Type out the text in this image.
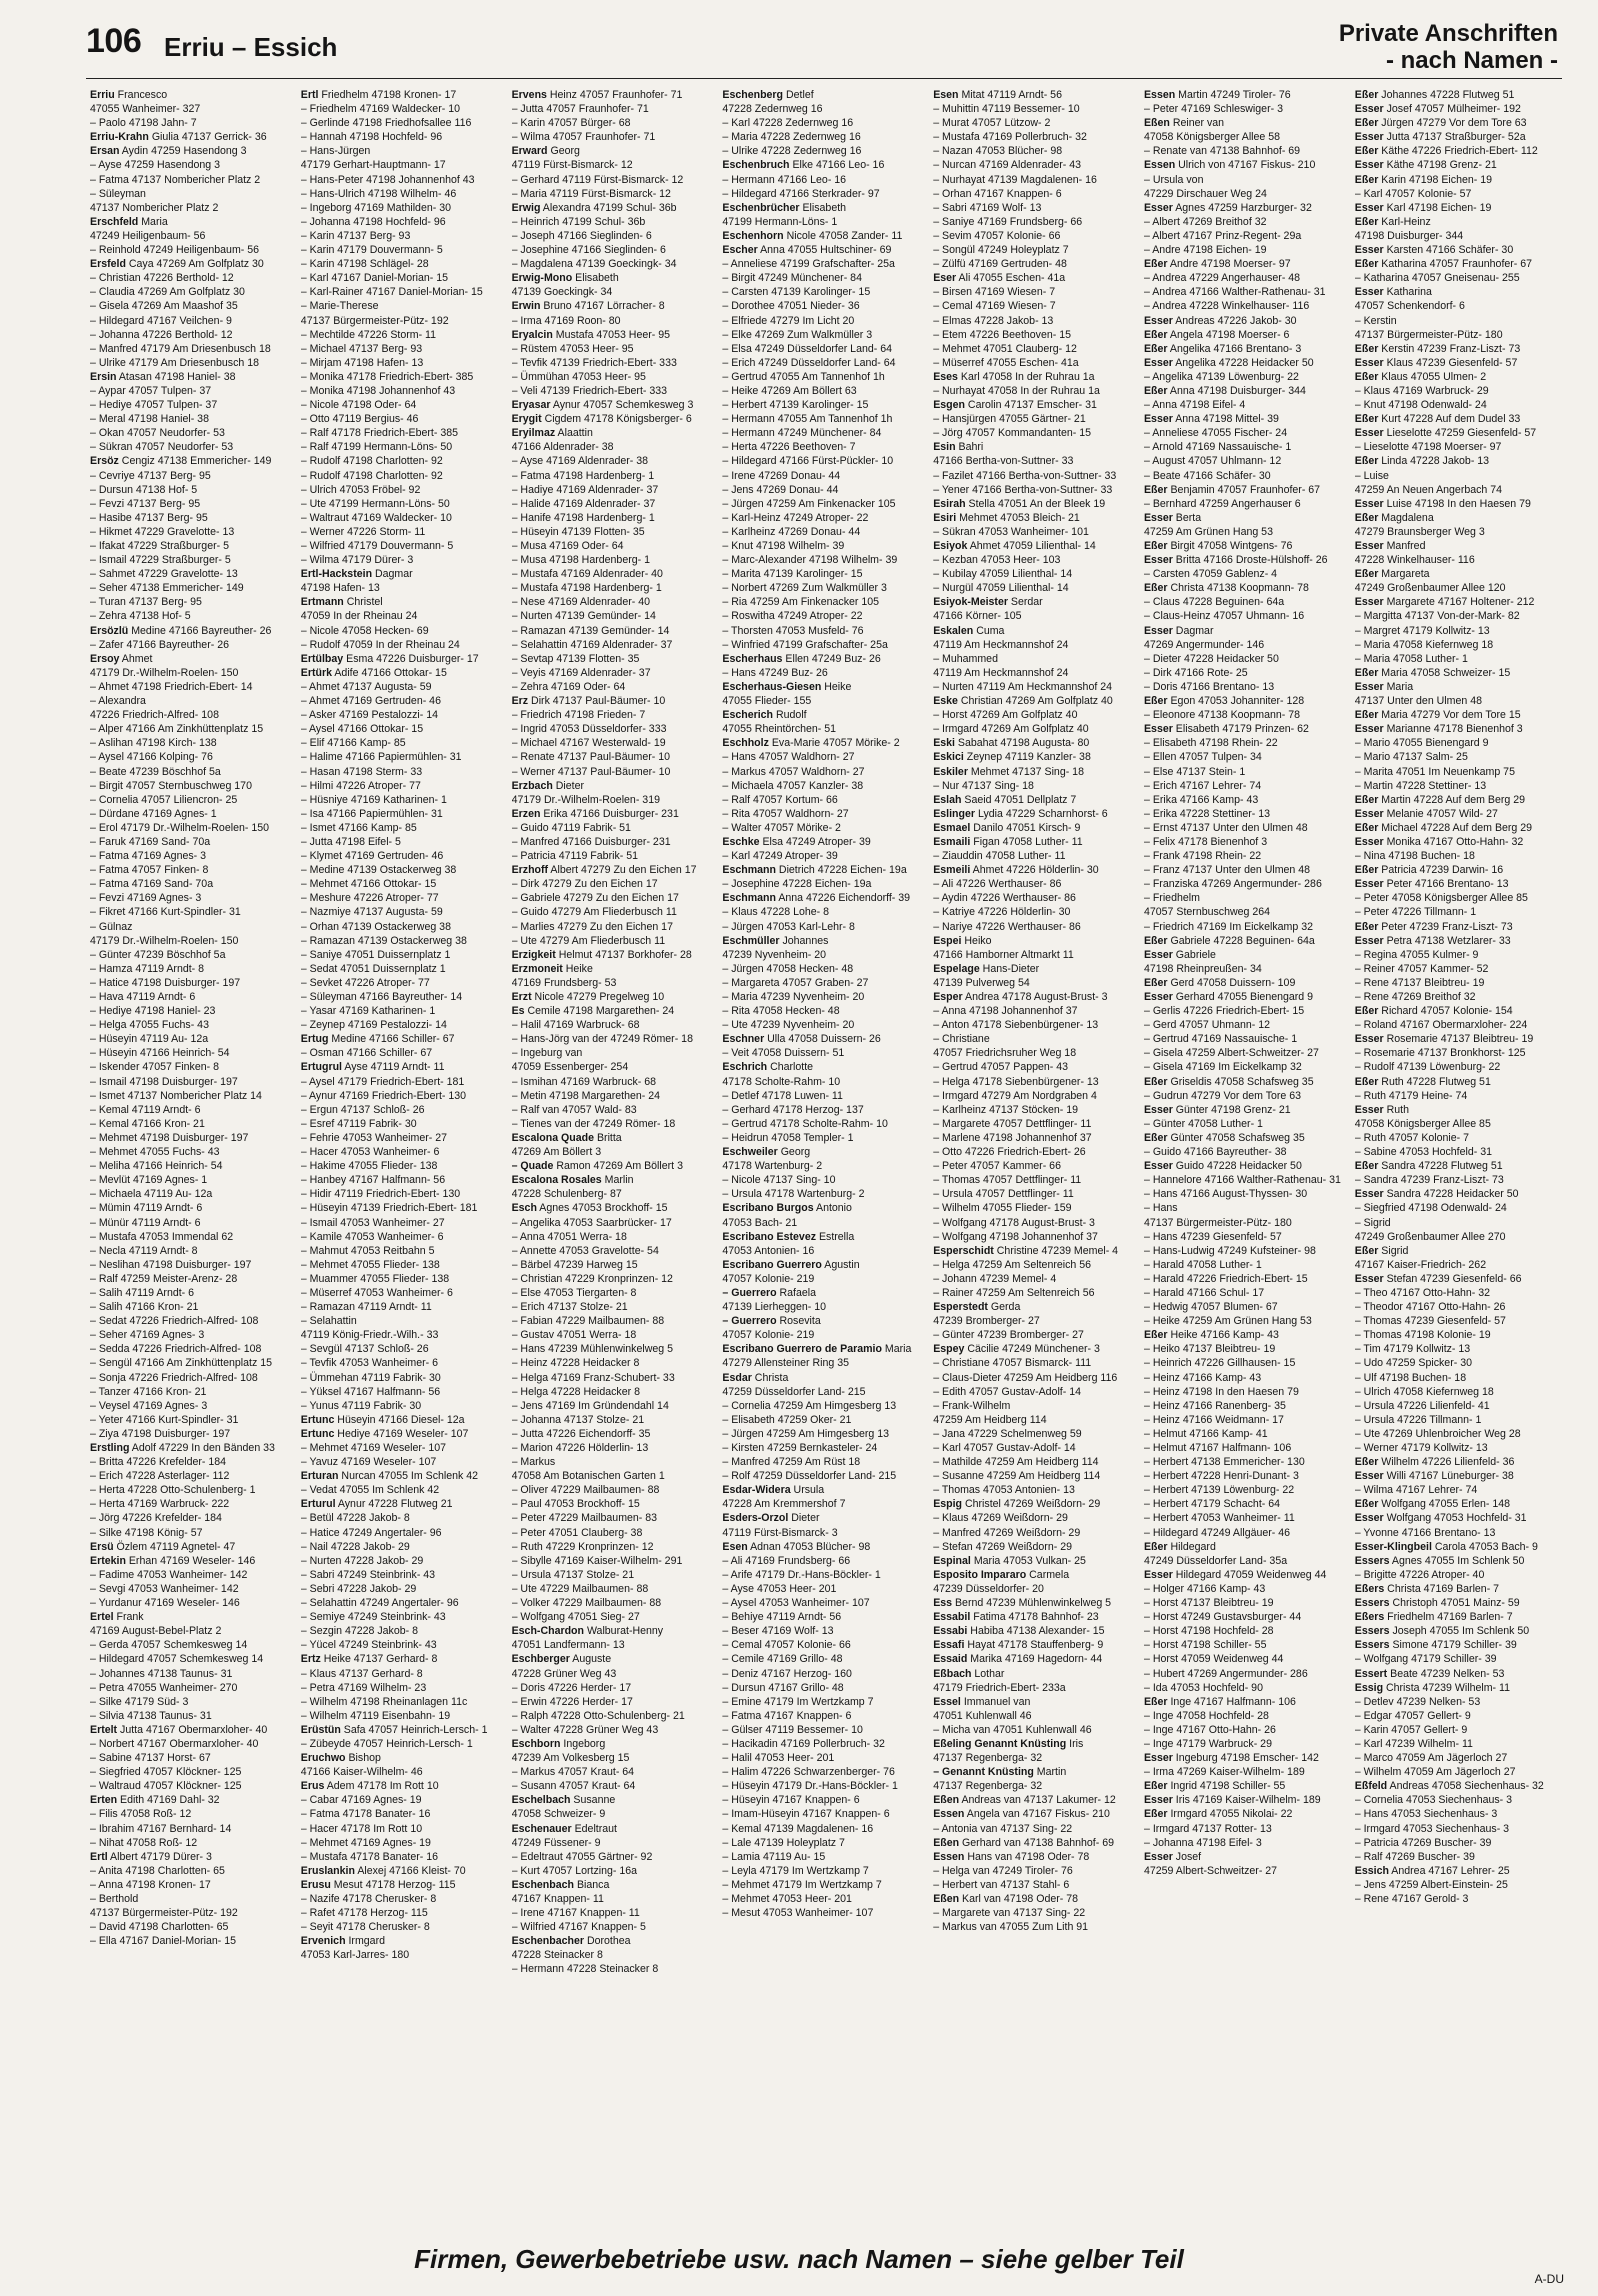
106 Erriu – Essich	Private Anschriften
- nach Namen -
Erriu Francesco
47055 Wanheimer- 327
– Paolo 47198 Jahn- 7
Erriu-Krahn Giulia 47137 Gerrick- 36
Ersan Aydin 47259 Hasendong 3
– Ayse 47259 Hasendong 3
– Fatma 47137 Nombericher Platz 2
– Süleyman
47137 Nombericher Platz 2
Erschfeld Maria
47249 Heiligenbaum- 56
– Reinhold 47249 Heiligenbaum- 56
Ersfeld Caya 47269 Am Golfplatz 30
– Christian 47226 Berthold- 12
– Claudia 47269 Am Golfplatz 30
– Gisela 47269 Am Maashof 35
– Hildegard 47167 Veilchen- 9
– Johanna 47226 Berthold- 12
– Manfred 47179 Am Driesenbusch 18
– Ulrike 47179 Am Driesenbusch 18
Ersin Atasan 47198 Haniel- 38
– Aypar 47057 Tulpen- 37
– Hediye 47057 Tulpen- 37
– Meral 47198 Haniel- 38
– Okan 47057 Neudorfer- 53
– Sükran 47057 Neudorfer- 53
Ersöz Cengiz 47138 Emmericher- 149
– Cevriye 47137 Berg- 95
– Dursun 47138 Hof- 5
– Fevzi 47137 Berg- 95
– Hasibe 47137 Berg- 95
– Hikmet 47229 Gravelotte- 13
– Ifakat 47229 Straßburger- 5
– Ismail 47229 Straßburger- 5
– Sahmet 47229 Gravelotte- 13
– Seher 47138 Emmericher- 149
– Turan 47137 Berg- 95
– Zehra 47138 Hof- 5
Ersözlü Medine 47166 Bayreuther- 26
– Zafer 47166 Bayreuther- 26
Ersoy Ahmet
47179 Dr.-Wilhelm-Roelen- 150
– Ahmet 47198 Friedrich-Ebert- 14
– Alexandra
47226 Friedrich-Alfred- 108
– Alper 47166 Am Zinkhüttenplatz 15
– Aslihan 47198 Kirch- 138
– Aysel 47166 Kolping- 76
– Beate 47239 Böschhof 5a
– Birgit 47057 Sternbuschweg 170
– Cornelia 47057 Liliencron- 25
– Dürdane 47169 Agnes- 1
– Erol 47179 Dr.-Wilhelm-Roelen- 150
– Faruk 47169 Sand- 70a
– Fatma 47169 Agnes- 3
– Fatma 47057 Finken- 8
– Fatma 47169 Sand- 70a
– Fevzi 47169 Agnes- 3
– Fikret 47166 Kurt-Spindler- 31
– Gülnaz
47179 Dr.-Wilhelm-Roelen- 150
– Günter 47239 Böschhof 5a
– Hamza 47119 Arndt- 8
– Hatice 47198 Duisburger- 197
– Hava 47119 Arndt- 6
– Hediye 47198 Haniel- 23
– Helga 47055 Fuchs- 43
– Hüseyin 47119 Au- 12a
– Hüseyin 47166 Heinrich- 54
– Iskender 47057 Finken- 8
– Ismail 47198 Duisburger- 197
– Ismet 47137 Nombericher Platz 14
– Kemal 47119 Arndt- 6
– Kemal 47166 Kron- 21
– Mehmet 47198 Duisburger- 197
– Mehmet 47055 Fuchs- 43
– Meliha 47166 Heinrich- 54
– Mevlüt 47169 Agnes- 1
– Michaela 47119 Au- 12a
– Mümin 47119 Arndt- 6
– Münür 47119 Arndt- 6
– Mustafa 47053 Immendal 62
– Necla 47119 Arndt- 8
– Neslihan 47198 Duisburger- 197
– Ralf 47259 Meister-Arenz- 28
– Salih 47119 Arndt- 6
– Salih 47166 Kron- 21
– Sedat 47226 Friedrich-Alfred- 108
– Seher 47169 Agnes- 3
– Sedda 47226 Friedrich-Alfred- 108
– Sengül 47166 Am Zinkhüttenplatz 15
– Sonja 47226 Friedrich-Alfred- 108
– Tanzer 47166 Kron- 21
– Veysel 47169 Agnes- 3
– Yeter 47166 Kurt-Spindler- 31
– Ziya 47198 Duisburger- 197
Erstling Adolf 47229 In den Bänden 33
– Britta 47226 Krefelder- 184
– Erich 47228 Asterlager- 112
– Herta 47228 Otto-Schulenberg- 1
– Herta 47169 Warbruck- 222
– Jörg 47226 Krefelder- 184
– Silke 47198 König- 57
Ersü Özlem 47119 Agnetel- 47
Ertekin Erhan 47169 Weseler- 146
– Fadime 47053 Wanheimer- 142
– Sevgi 47053 Wanheimer- 142
– Yurdanur 47169 Weseler- 146
Ertel Frank
47169 August-Bebel-Platz 2
– Gerda 47057 Schemkesweg 14
– Hildegard 47057 Schemkesweg 14
– Johannes 47138 Taunus- 31
– Petra 47055 Wanheimer- 270
– Silke 47179 Süd- 3
– Silvia 47138 Taunus- 31
Ertelt Jutta 47167 Obermarxloher- 40
– Norbert 47167 Obermarxloher- 40
– Sabine 47137 Horst- 67
– Siegfried 47057 Klöckner- 125
– Waltraud 47057 Klöckner- 125
Erten Edith 47169 Dahl- 32
– Filis 47058 Roß- 12
– Ibrahim 47167 Bernhard- 14
– Nihat 47058 Roß- 12
Ertl Albert 47179 Dürer- 3
– Anita 47198 Charlotten- 65
– Anna 47198 Kronen- 17
– Berthold
47137 Bürgermeister-Pütz- 192
– David 47198 Charlotten- 65
– Ella 47167 Daniel-Morian- 15
Ertl Friedhelm 47198 Kronen- 17
– Friedhelm 47169 Waldecker- 10
– Gerlinde 47198 Friedhofsallee 116
– Hannah 47198 Hochfeld- 96
– Hans-Jürgen
47179 Gerhart-Hauptmann- 17
– Hans-Peter 47198 Johannenhof 43
– Hans-Ulrich 47198 Wilhelm- 46
– Ingeborg 47169 Mathilden- 30
– Johanna 47198 Hochfeld- 96
– Karin 47137 Berg- 93
– Karin 47179 Douvermann- 5
– Karin 47198 Schlägel- 28
– Karl 47167 Daniel-Morian- 15
– Karl-Rainer 47167 Daniel-Morian- 15
– Marie-Therese
47137 Bürgermeister-Pütz- 192
– Mechtilde 47226 Storm- 11
– Michael 47137 Berg- 93
– Mirjam 47198 Hafen- 13
– Monika 47178 Friedrich-Ebert- 385
– Monika 47198 Johannenhof 43
– Nicole 47198 Oder- 64
– Otto 47119 Bergius- 46
– Ralf 47178 Friedrich-Ebert- 385
– Ralf 47199 Hermann-Löns- 50
– Rudolf 47198 Charlotten- 92
– Rudolf 47198 Charlotten- 92
– Ulrich 47053 Fröbel- 92
– Ute 47199 Hermann-Löns- 50
– Waltraut 47169 Waldecker- 10
– Werner 47226 Storm- 11
– Wilfried 47179 Douvermann- 5
– Wilma 47179 Dürer- 3
Ertl-Hackstein Dagmar
47198 Hafen- 13
Ertmann Christel
47059 In der Rheinau 24
– Nicole 47058 Hecken- 69
– Rudolf 47059 In der Rheinau 24
Ertülbay Esma 47226 Duisburger- 17
Ertürk Adife 47166 Ottokar- 15
– Ahmet 47137 Augusta- 59
– Ahmet 47169 Gertruden- 46
– Asker 47169 Pestalozzi- 14
– Aysel 47166 Ottokar- 15
– Elif 47166 Kamp- 85
– Halime 47166 Papiermühlen- 31
– Hasan 47198 Sterm- 33
– Hilmi 47226 Atroper- 77
– Hüsniye 47169 Katharinen- 1
– Isa 47166 Papiermühlen- 31
– Ismet 47166 Kamp- 85
– Jutta 47198 Eifel- 5
– Klymet 47169 Gertruden- 46
– Medine 47139 Ostackerweg 38
– Mehmet 47166 Ottokar- 15
– Meshure 47226 Atroper- 77
– Nazmiye 47137 Augusta- 59
– Orhan 47139 Ostackerweg 38
– Ramazan 47139 Ostackerweg 38
– Saniye 47051 Duissernplatz 1
– Sedat 47051 Duissernplatz 1
– Sevket 47226 Atroper- 77
– Süleyman 47166 Bayreuther- 14
– Yasar 47169 Katharinen- 1
– Zeynep 47169 Pestalozzi- 14
Ertug Medine 47166 Schiller- 67
– Osman 47166 Schiller- 67
Ertugrul Ayse 47119 Arndt- 11
– Aysel 47179 Friedrich-Ebert- 181
– Aynur 47169 Friedrich-Ebert- 130
– Ergun 47137 Schloß- 26
– Esref 47119 Fabrik- 30
– Fehrie 47053 Wanheimer- 27
– Hacer 47053 Wanheimer- 6
– Hakime 47055 Flieder- 138
– Hanbey 47167 Halfmann- 56
– Hidir 47119 Friedrich-Ebert- 130
– Hüseyin 47139 Friedrich-Ebert- 181
– Ismail 47053 Wanheimer- 27
– Kamile 47053 Wanheimer- 6
– Mahmut 47053 Reitbahn 5
– Mehmet 47055 Flieder- 138
– Muammer 47055 Flieder- 138
– Müserref 47053 Wanheimer- 6
– Ramazan 47119 Arndt- 11
– Selahattin
47119 König-Friedr.-Wilh.- 33
– Sevgül 47137 Schloß- 26
– Tevfik 47053 Wanheimer- 6
– Ümmehan 47119 Fabrik- 30
– Yüksel 47167 Halfmann- 56
– Yunus 47119 Fabrik- 30
Ertunc Hüseyin 47166 Diesel- 12a
Ertunc Hediye 47169 Weseler- 107
– Mehmet 47169 Weseler- 107
– Yavuz 47169 Weseler- 107
Erturan Nurcan 47055 Im Schlenk 42
– Vedat 47055 Im Schlenk 42
Erturul Aynur 47228 Flutweg 21
– Betül 47228 Jakob- 8
– Hatice 47249 Angertaler- 96
– Nail 47228 Jakob- 29
– Nurten 47228 Jakob- 29
– Sabri 47249 Steinbrink- 43
– Sebri 47228 Jakob- 29
– Selahattin 47249 Angertaler- 96
– Semiye 47249 Steinbrink- 43
– Sezgin 47228 Jakob- 8
– Yücel 47249 Steinbrink- 43
Ertz Heike 47137 Gerhard- 8
– Klaus 47137 Gerhard- 8
– Petra 47169 Wilhelm- 23
– Wilhelm 47198 Rheinanlagen 11c
– Wilhelm 47119 Eisenbahn- 19
Erüstün Safa 47057 Heinrich-Lersch- 1
– Zübeyde 47057 Heinrich-Lersch- 1
Eruchwo Bishop
47166 Kaiser-Wilhelm- 46
Erus Adem 47178 Im Rott 10
– Cabar 47169 Agnes- 19
– Fatma 47178 Banater- 16
– Hacer 47178 Im Rott 10
– Mehmet 47169 Agnes- 19
– Mustafa 47178 Banater- 16
Eruslankin Alexej 47166 Kleist- 70
Erusu Mesut 47178 Herzog- 115
– Nazife 47178 Cherusker- 8
– Rafet 47178 Herzog- 115
– Seyit 47178 Cherusker- 8
Ervenich Irmgard
47053 Karl-Jarres- 180
Ervens Heinz 47057 Fraunhofer- 71
– Jutta 47057 Fraunhofer- 71
– Karin 47057 Bürger- 68
– Wilma 47057 Fraunhofer- 71
Erward Georg
47119 Fürst-Bismarck- 12
– Gerhard 47119 Fürst-Bismarck- 12
– Maria 47119 Fürst-Bismarck- 12
Erwig Alexandra 47199 Schul- 36b
– Heinrich 47199 Schul- 36b
– Joseph 47166 Sieglinden- 6
– Josephine 47166 Sieglinden- 6
– Magdalena 47139 Goeckingk- 34
Erwig-Mono Elisabeth
47139 Goeckingk- 34
Erwin Bruno 47167 Lörracher- 8
– Irma 47169 Roon- 80
Eryalcin Mustafa 47053 Heer- 95
– Rüstem 47053 Heer- 95
– Tevfik 47139 Friedrich-Ebert- 333
– Ümmühan 47053 Heer- 95
– Veli 47139 Friedrich-Ebert- 333
Eryasar Aynur 47057 Schemkesweg 3
Erygit Cigdem 47178 Königsberger- 6
Eryilmaz Alaattin
47166 Aldenrader- 38
– Ayse 47169 Aldenrader- 38
– Fatma 47198 Hardenberg- 1
– Hadiye 47169 Aldenrader- 37
– Halide 47169 Aldenrader- 37
– Hanife 47198 Hardenberg- 1
– Hüseyin 47139 Flotten- 35
– Musa 47169 Oder- 64
– Musa 47198 Hardenberg- 1
– Mustafa 47169 Aldenrader- 40
– Mustafa 47198 Hardenberg- 1
– Nese 47169 Aldenrader- 40
– Nurten 47139 Gemünder- 14
– Ramazan 47139 Gemünder- 14
– Selahattin 47169 Aldenrader- 37
– Sevtap 47139 Flotten- 35
– Veyis 47169 Aldenrader- 37
– Zehra 47169 Oder- 64
Erz Dirk 47137 Paul-Bäumer- 10
– Friedrich 47198 Frieden- 7
– Ingrid 47053 Düsseldorfer- 333
– Michael 47167 Westerwald- 19
– Renate 47137 Paul-Bäumer- 10
– Werner 47137 Paul-Bäumer- 10
Erzbach Dieter
47179 Dr.-Wilhelm-Roelen- 319
Erzen Erika 47166 Duisburger- 231
– Guido 47119 Fabrik- 51
– Manfred 47166 Duisburger- 231
– Patricia 47119 Fabrik- 51
Erzhoff Albert 47279 Zu den Eichen 17
– Dirk 47279 Zu den Eichen 17
– Gabriele 47279 Zu den Eichen 17
– Guido 47279 Am Fliederbusch 11
– Marlies 47279 Zu den Eichen 17
– Ute 47279 Am Fliederbusch 11
Erzigkeit Helmut 47137 Borkhofer- 28
Erzmoneit Heike
47169 Frundsberg- 53
Erzt Nicole 47279 Pregelweg 10
Es Cemile 47198 Margarethen- 24
– Halil 47169 Warbruck- 68
– Hans-Jörg van der 47249 Römer- 18
– Ingeburg van
47059 Essenberger- 254
– Ismihan 47169 Warbruck- 68
– Metin 47198 Margarethen- 24
– Ralf van 47057 Wald- 83
– Tienes van der 47249 Römer- 18
Escalona Quade Britta
47269 Am Böllert 3
– Quade Ramon 47269 Am Böllert 3
Escalona Rosales Marlin
47228 Schulenberg- 87
Esch Agnes 47053 Brockhoff- 15
– Angelika 47053 Saarbrücker- 17
– Anna 47051 Werra- 18
– Annette 47053 Gravelotte- 54
– Bärbel 47239 Harweg 15
– Christian 47229 Kronprinzen- 12
– Else 47053 Tiergarten- 8
– Erich 47137 Stolze- 21
– Fabian 47229 Mailbaumen- 88
– Gustav 47051 Werra- 18
– Hans 47239 Mühlenwinkelweg 5
– Heinz 47228 Heidacker 8
– Helga 47169 Franz-Schubert- 33
– Helga 47228 Heidacker 8
– Jens 47169 Im Gründendahl 14
– Johanna 47137 Stolze- 21
– Jutta 47226 Eichendorff- 35
– Marion 47226 Hölderlin- 13
– Markus
47058 Am Botanischen Garten 1
– Oliver 47229 Mailbaumen- 88
– Paul 47053 Brockhoff- 15
– Peter 47229 Mailbaumen- 83
– Peter 47051 Clauberg- 38
– Ruth 47229 Kronprinzen- 12
– Sibylle 47169 Kaiser-Wilhelm- 291
– Ursula 47137 Stolze- 21
– Ute 47229 Mailbaumen- 88
– Volker 47229 Mailbaumen- 88
– Wolfgang 47051 Sieg- 27
Esch-Chardon Walburat-Henny
47051 Landfermann- 13
Eschberger Auguste
47228 Grüner Weg 43
– Doris 47226 Herder- 17
– Erwin 47226 Herder- 17
– Ralph 47228 Otto-Schulenberg- 21
– Walter 47228 Grüner Weg 43
Eschborn Ingeborg
47239 Am Volkesberg 15
– Markus 47057 Kraut- 64
– Susann 47057 Kraut- 64
Eschelbach Susanne
47058 Schweizer- 9
Eschenauer Edeltraut
47249 Füssener- 9
– Edeltraut 47055 Gärtner- 92
– Kurt 47057 Lortzing- 16a
Eschenbach Bianca
47167 Knappen- 11
– Irene 47167 Knappen- 11
– Wilfried 47167 Knappen- 5
Eschenbacher Dorothea
47228 Steinacker 8
– Hermann 47228 Steinacker 8
Eschenberg Detlef
47228 Zedernweg 16
– Karl 47228 Zedernweg 16
– Maria 47228 Zedernweg 16
– Ulrike 47228 Zedernweg 16
Eschenbruch Elke 47166 Leo- 16
– Hermann 47166 Leo- 16
– Hildegard 47166 Sterkrader- 97
Eschenbrücher Elisabeth
47199 Hermann-Löns- 1
Eschenhorn Nicole 47058 Zander- 11
Escher Anna 47055 Hultschiner- 69
– Anneliese 47199 Grafschafter- 25a
– Birgit 47249 Münchener- 84
– Carsten 47139 Karolinger- 15
– Dorothee 47051 Nieder- 36
– Elfriede 47279 Im Licht 20
– Elke 47269 Zum Walkmüller 3
– Elsa 47249 Düsseldorfer Land- 64
– Erich 47249 Düsseldorfer Land- 64
– Gertrud 47055 Am Tannenhof 1h
– Heike 47269 Am Böllert 63
– Herbert 47139 Karolinger- 15
– Hermann 47055 Am Tannenhof 1h
– Hermann 47249 Münchener- 84
– Herta 47226 Beethoven- 7
– Hildegard 47166 Fürst-Pückler- 10
– Irene 47269 Donau- 44
– Jens 47269 Donau- 44
– Jürgen 47259 Am Finkenacker 105
– Karl-Heinz 47249 Atroper- 22
– Karlheinz 47269 Donau- 44
– Knut 47198 Wilhelm- 39
– Marc-Alexander 47198 Wilhelm- 39
– Marita 47139 Karolinger- 15
– Norbert 47269 Zum Walkmüller 3
– Ria 47259 Am Finkenacker 105
– Roswitha 47249 Atroper- 22
– Thorsten 47053 Musfeld- 76
– Winfried 47199 Grafschafter- 25a
Escherhaus Ellen 47249 Buz- 26
– Hans 47249 Buz- 26
Escherhaus-Giesen Heike
47055 Flieder- 155
Escherich Rudolf
47055 Rheintörchen- 51
Eschholz Eva-Marie 47057 Mörike- 2
– Hans 47057 Waldhorn- 27
– Markus 47057 Waldhorn- 27
– Michaela 47057 Kanzler- 38
– Ralf 47057 Kortum- 66
– Rita 47057 Waldhorn- 27
– Walter 47057 Mörike- 2
Eschke Elsa 47249 Atroper- 39
– Karl 47249 Atroper- 39
Eschmann Dietrich 47228 Eichen- 19a
– Josephine 47228 Eichen- 19a
Eschmann Anna 47226 Eichendorff- 39
– Klaus 47228 Lohe- 8
– Jürgen 47053 Karl-Lehr- 8
Eschmüller Johannes
47239 Nyvenheim- 20
– Jürgen 47058 Hecken- 48
– Margareta 47057 Graben- 27
– Maria 47239 Nyvenheim- 20
– Rita 47058 Hecken- 48
– Ute 47239 Nyvenheim- 20
Eschner Ulla 47058 Duissern- 26
– Veit 47058 Duissern- 51
Eschrich Charlotte
47178 Scholte-Rahm- 10
– Detlef 47178 Luwen- 11
– Gerhard 47178 Herzog- 137
– Gertrud 47178 Scholte-Rahm- 10
– Heidrun 47058 Templer- 1
Eschweiler Georg
47178 Wartenburg- 2
– Nicole 47137 Sing- 10
– Ursula 47178 Wartenburg- 2
Escribano Burgos Antonio
47053 Bach- 21
Escribano Estevez Estrella
47053 Antonien- 16
Escribano Guerrero Agustin
47057 Kolonie- 219
– Guerrero Rafaela
47139 Lierheggen- 10
– Guerrero Rosevita
47057 Kolonie- 219
Escribano Guerrero de Paramio Maria
47279 Allensteiner Ring 35
Esdar Christa
47259 Düsseldorfer Land- 215
– Cornelia 47259 Am Himgesberg 13
– Elisabeth 47259 Oker- 21
– Jürgen 47259 Am Himgesberg 13
– Kirsten 47259 Bernkasteler- 24
– Manfred 47259 Am Rüst 18
– Rolf 47259 Düsseldorfer Land- 215
Esdar-Widera Ursula
47228 Am Kremmershof 7
Esders-Orzol Dieter
47119 Fürst-Bismarck- 3
Esen Adnan 47053 Blücher- 98
– Ali 47169 Frundsberg- 66
– Arife 47179 Dr.-Hans-Böckler- 1
– Ayse 47053 Heer- 201
– Aysel 47053 Wanheimer- 107
– Behiye 47119 Arndt- 56
– Beser 47169 Wolf- 13
– Cemal 47057 Kolonie- 66
– Cemile 47169 Grillo- 48
– Deniz 47167 Herzog- 160
– Dursun 47167 Grillo- 48
– Emine 47179 Im Wertzkamp 7
– Fatma 47167 Knappen- 6
– Gülser 47119 Bessemer- 10
– Hacikadin 47169 Pollerbruch- 32
– Halil 47053 Heer- 201
– Halim 47226 Schwarzenberger- 76
– Hüseyin 47179 Dr.-Hans-Böckler- 1
– Hüseyin 47167 Knappen- 6
– Imam-Hüseyin 47167 Knappen- 6
– Kemal 47139 Magdalenen- 16
– Lale 47139 Holeyplatz 7
– Lamia 47119 Au- 15
– Leyla 47179 Im Wertzkamp 7
– Mehmet 47179 Im Wertzkamp 7
– Mehmet 47053 Heer- 201
– Mesut 47053 Wanheimer- 107
Esen Mitat 47119 Arndt- 56
– Muhittin 47119 Bessemer- 10
– Murat 47057 Lützow- 2
– Mustafa 47169 Pollerbruch- 32
– Nazan 47053 Blücher- 98
– Nurcan 47169 Aldenrader- 43
– Nurhayat 47139 Magdalenen- 16
– Orhan 47167 Knappen- 6
– Sabri 47169 Wolf- 13
– Saniye 47169 Frundsberg- 66
– Sevim 47057 Kolonie- 66
– Songül 47249 Holeyplatz 7
– Zülfü 47169 Gertruden- 48
Eser Ali 47055 Eschen- 41a
– Birsen 47169 Wiesen- 7
– Cemal 47169 Wiesen- 7
– Elmas 47228 Jakob- 13
– Etem 47226 Beethoven- 15
– Mehmet 47051 Clauberg- 12
– Müserref 47055 Eschen- 41a
Eses Karl 47058 In der Ruhrau 1a
– Nurhayat 47058 In der Ruhrau 1a
Esgen Carolin 47137 Emscher- 31
– Hansjürgen 47055 Gärtner- 21
– Jörg 47057 Kommandanten- 15
Esin Bahri
47166 Bertha-von-Suttner- 33
– Fazilet 47166 Bertha-von-Suttner- 33
– Yener 47166 Bertha-von-Suttner- 33
Esirah Stella 47051 An der Bleek 19
Esiri Mehmet 47053 Bleich- 21
– Sükran 47053 Wanheimer- 101
Esiyok Ahmet 47059 Lilienthal- 14
– Kezban 47053 Heer- 103
– Kubilay 47059 Lilienthal- 14
– Nurgül 47059 Lilienthal- 14
Esiyok-Meister Serdar
47166 Körner- 105
Eskalen Cuma
47119 Am Heckmannshof 24
– Muhammed
47119 Am Heckmannshof 24
– Nurten 47119 Am Heckmannshof 24
Eske Christian 47269 Am Golfplatz 40
– Horst 47269 Am Golfplatz 40
– Irmgard 47269 Am Golfplatz 40
Eski Sabahat 47198 Augusta- 80
Eskici Zeynep 47119 Kanzler- 38
Eskiler Mehmet 47137 Sing- 18
– Nur 47137 Sing- 18
Eslah Saeid 47051 Dellplatz 7
Eslinger Lydia 47229 Scharnhorst- 6
Esmael Danilo 47051 Kirsch- 9
Esmaili Figan 47058 Luther- 11
– Ziauddin 47058 Luther- 11
Esmeili Ahmet 47226 Hölderlin- 30
– Ali 47226 Werthauser- 86
– Aydin 47226 Werthauser- 86
– Katriye 47226 Hölderlin- 30
– Nariye 47226 Werthauser- 86
Espei Heiko
47166 Hamborner Altmarkt 11
Espelage Hans-Dieter
47139 Pulverweg 54
Esper Andrea 47178 August-Brust- 3
– Anna 47198 Johannenhof 37
– Anton 47178 Siebenbürgener- 13
– Christiane
47057 Friedrichsruher Weg 18
– Gertrud 47057 Pappen- 43
– Helga 47178 Siebenbürgener- 13
– Irmgard 47279 Am Nordgraben 4
– Karlheinz 47137 Stöcken- 19
– Margarete 47057 Dettflinger- 11
– Marlene 47198 Johannenhof 37
– Otto 47226 Friedrich-Ebert- 26
– Peter 47057 Kammer- 66
– Thomas 47057 Dettflinger- 11
– Ursula 47057 Dettflinger- 11
– Wilhelm 47055 Flieder- 159
– Wolfgang 47178 August-Brust- 3
– Wolfgang 47198 Johannenhof 37
Esperschidt Christine 47239 Memel- 4
– Helga 47259 Am Seltenreich 56
– Johann 47239 Memel- 4
– Rainer 47259 Am Seltenreich 56
Esperstedt Gerda
47239 Bromberger- 27
– Günter 47239 Bromberger- 27
Espey Cäcilie 47249 Münchener- 3
– Christiane 47057 Bismarck- 111
– Claus-Dieter 47259 Am Heidberg 116
– Edith 47057 Gustav-Adolf- 14
– Frank-Wilhelm
47259 Am Heidberg 114
– Jana 47229 Schelmenweg 59
– Karl 47057 Gustav-Adolf- 14
– Mathilde 47259 Am Heidberg 114
– Susanne 47259 Am Heidberg 114
– Thomas 47053 Antonien- 13
Espig Christel 47269 Weißdorn- 29
– Klaus 47269 Weißdorn- 29
– Manfred 47269 Weißdorn- 29
– Stefan 47269 Weißdorn- 29
Espinal Maria 47053 Vulkan- 25
Esposito Impararo Carmela
47239 Düsseldorfer- 20
Ess Bernd 47239 Mühlenwinkelweg 5
Essabil Fatima 47178 Bahnhof- 23
Essabi Habiba 47138 Alexander- 15
Essafi Hayat 47178 Stauffenberg- 9
Essaid Marika 47169 Hagedorn- 44
Eßbach Lothar
47179 Friedrich-Ebert- 233a
Essel Immanuel van
47051 Kuhlenwall 46
– Micha van 47051 Kuhlenwall 46
Eßeling Genannt Knüsting Iris
47137 Regenberga- 32
– Genannt Knüsting Martin
47137 Regenberga- 32
Eßen Andreas van 47137 Lakumer- 12
Essen Angela van 47167 Fiskus- 210
– Antonia van 47137 Sing- 22
Eßen Gerhard van 47138 Bahnhof- 69
Essen Hans van 47198 Oder- 78
– Helga van 47249 Tiroler- 76
– Herbert van 47137 Stahl- 6
Eßen Karl van 47198 Oder- 78
– Margarete van 47137 Sing- 22
– Markus van 47055 Zum Lith 91
Essen Martin 47249 Tiroler- 76
– Peter 47169 Schleswiger- 3
Eßen Reiner van
47058 Königsberger Allee 58
– Renate van 47138 Bahnhof- 69
Essen Ulrich von 47167 Fiskus- 210
– Ursula von
47229 Dirschauer Weg 24
Esser Agnes 47259 Harzburger- 32
– Albert 47269 Breithof 32
– Albert 47167 Prinz-Regent- 29a
– Andre 47198 Eichen- 19
Eßer Andre 47198 Moerser- 97
– Andrea 47229 Angerhauser- 48
– Andrea 47166 Walther-Rathenau- 31
– Andrea 47228 Winkelhauser- 116
Esser Andreas 47226 Jakob- 30
Eßer Angela 47198 Moerser- 6
Eßer Angelika 47166 Brentano- 3
Esser Angelika 47228 Heidacker 50
– Angelika 47139 Löwenburg- 22
Eßer Anna 47198 Duisburger- 344
– Anna 47198 Eifel- 4
Esser Anna 47198 Mittel- 39
– Anneliese 47055 Fischer- 24
– Arnold 47169 Nassauische- 1
– August 47057 Uhlmann- 12
– Beate 47166 Schäfer- 30
Eßer Benjamin 47057 Fraunhofer- 67
– Bernhard 47259 Angerhauser 6
Esser Berta
47259 Am Grünen Hang 53
Eßer Birgit 47058 Wintgens- 76
Esser Britta 47166 Droste-Hülshoff- 26
– Carsten 47059 Gablenz- 4
Eßer Christa 47138 Koopmann- 78
– Claus 47228 Beguinen- 64a
– Claus-Heinz 47057 Uhmann- 16
Esser Dagmar
47269 Angermunder- 146
– Dieter 47228 Heidacker 50
– Dirk 47166 Rote- 25
– Doris 47166 Brentano- 13
Eßer Egon 47053 Johanniter- 128
– Eleonore 47138 Koopmann- 78
Esser Elisabeth 47179 Prinzen- 62
– Elisabeth 47198 Rhein- 22
– Ellen 47057 Tulpen- 34
– Else 47137 Stein- 1
– Erich 47167 Lehrer- 74
– Erika 47166 Kamp- 43
– Erika 47228 Stettiner- 13
– Ernst 47137 Unter den Ulmen 48
– Felix 47178 Bienenhof 3
– Frank 47198 Rhein- 22
– Franz 47137 Unter den Ulmen 48
– Franziska 47269 Angermunder- 286
– Friedhelm
47057 Sternbuschweg 264
– Friedrich 47169 Im Eickelkamp 32
Eßer Gabriele 47228 Beguinen- 64a
Esser Gabriele
47198 Rheinpreußen- 34
Eßer Gerd 47058 Duissern- 109
Esser Gerhard 47055 Bienengard 9
– Gerlis 47226 Friedrich-Ebert- 15
– Gerd 47057 Uhmann- 12
– Gertrud 47169 Nassauische- 1
– Gisela 47259 Albert-Schweitzer- 27
– Gisela 47169 Im Eickelkamp 32
Eßer Griseldis 47058 Schafsweg 35
– Gudrun 47279 Vor dem Tore 63
Esser Günter 47198 Grenz- 21
– Günter 47058 Luther- 1
Eßer Günter 47058 Schafsweg 35
– Guido 47166 Bayreuther- 38
Esser Guido 47228 Heidacker 50
– Hannelore 47166 Walther-Rathenau- 31
– Hans 47166 August-Thyssen- 30
– Hans
47137 Bürgermeister-Pütz- 180
– Hans 47239 Giesenfeld- 57
– Hans-Ludwig 47249 Kufsteiner- 98
– Harald 47058 Luther- 1
– Harald 47226 Friedrich-Ebert- 15
– Harald 47166 Schul- 17
– Hedwig 47057 Blumen- 67
– Heike 47259 Am Grünen Hang 53
Eßer Heike 47166 Kamp- 43
– Heiko 47137 Bleibtreu- 19
– Heinrich 47226 Gillhausen- 15
– Heinz 47166 Kamp- 43
– Heinz 47198 In den Haesen 79
– Heinz 47166 Ranenberg- 35
– Heinz 47166 Weidmann- 17
– Helmut 47166 Kamp- 41
– Helmut 47167 Halfmann- 106
– Herbert 47138 Emmericher- 130
– Herbert 47228 Henri-Dunant- 3
– Herbert 47139 Löwenburg- 22
– Herbert 47179 Schacht- 64
– Herbert 47053 Wanheimer- 11
– Hildegard 47249 Allgäuer- 46
Eßer Hildegard
47249 Düsseldorfer Land- 35a
Esser Hildegard 47059 Weidenweg 44
– Holger 47166 Kamp- 43
– Horst 47137 Bleibtreu- 19
– Horst 47249 Gustavsburger- 44
– Horst 47198 Hochfeld- 28
– Horst 47198 Schiller- 55
– Horst 47059 Weidenweg 44
– Hubert 47269 Angermunder- 286
– Ida 47053 Hochfeld- 90
Eßer Inge 47167 Halfmann- 106
– Inge 47058 Hochfeld- 28
– Inge 47167 Otto-Hahn- 26
– Inge 47179 Warbruck- 29
Esser Ingeburg 47198 Emscher- 142
– Irma 47269 Kaiser-Wilhelm- 189
Eßer Ingrid 47198 Schiller- 55
Esser Iris 47169 Kaiser-Wilhelm- 189
Eßer Irmgard 47055 Nikolai- 22
– Irmgard 47137 Rotter- 13
– Johanna 47198 Eifel- 3
Esser Josef
47259 Albert-Schweitzer- 27
Eßer Johannes 47228 Flutweg 51
Esser Josef 47057 Mülheimer- 192
Eßer Jürgen 47279 Vor dem Tore 63
Esser Jutta 47137 Straßburger- 52a
Eßer Käthe 47226 Friedrich-Ebert- 112
Esser Käthe 47198 Grenz- 21
Eßer Karin 47198 Eichen- 19
– Karl 47057 Kolonie- 57
Esser Karl 47198 Eichen- 19
Eßer Karl-Heinz
47198 Duisburger- 344
Esser Karsten 47166 Schäfer- 30
Eßer Katharina 47057 Fraunhofer- 67
– Katharina 47057 Gneisenau- 255
Esser Katharina
47057 Schenkendorf- 6
– Kerstin
47137 Bürgermeister-Pütz- 180
Eßer Kerstin 47239 Franz-Liszt- 73
Esser Klaus 47239 Giesenfeld- 57
Eßer Klaus 47055 Ulmen- 2
– Klaus 47169 Warbruck- 29
– Knut 47198 Odenwald- 24
Eßer Kurt 47228 Auf dem Dudel 33
Esser Lieselotte 47259 Giesenfeld- 57
– Lieselotte 47198 Moerser- 97
Eßer Linda 47228 Jakob- 13
– Luise
47259 An Neuen Angerbach 74
Esser Luise 47198 In den Haesen 79
Eßer Magdalena
47279 Braunsberger Weg 3
Esser Manfred
47228 Winkelhauser- 116
Eßer Margareta
47249 Großenbaumer Allee 120
Esser Margarete 47167 Holtener- 212
– Margitta 47137 Von-der-Mark- 82
– Margret 47179 Kollwitz- 13
– Maria 47058 Kiefernweg 18
– Maria 47058 Luther- 1
Eßer Maria 47058 Schweizer- 15
Esser Maria
47137 Unter den Ulmen 48
Eßer Maria 47279 Vor dem Tore 15
Esser Marianne 47178 Bienenhof 3
– Mario 47055 Bienengard 9
– Mario 47137 Salm- 25
– Marita 47051 Im Neuenkamp 75
– Martin 47228 Stettiner- 13
Eßer Martin 47228 Auf dem Berg 29
Esser Melanie 47057 Wild- 27
Eßer Michael 47228 Auf dem Berg 29
Esser Monika 47167 Otto-Hahn- 32
– Nina 47198 Buchen- 18
Eßer Patricia 47239 Darwin- 16
Esser Peter 47166 Brentano- 13
– Peter 47058 Königsberger Allee 85
– Peter 47226 Tillmann- 1
Eßer Peter 47239 Franz-Liszt- 73
Esser Petra 47138 Wetzlarer- 33
– Regina 47055 Kulmer- 9
– Reiner 47057 Kammer- 52
– Rene 47137 Bleibtreu- 19
– Rene 47269 Breithof 32
Eßer Richard 47057 Kolonie- 154
– Roland 47167 Obermarxloher- 224
Esser Rosemarie 47137 Bleibtreu- 19
– Rosemarie 47137 Bronkhorst- 125
– Rudolf 47139 Löwenburg- 22
Eßer Ruth 47228 Flutweg 51
– Ruth 47179 Heine- 74
Esser Ruth
47058 Königsberger Allee 85
– Ruth 47057 Kolonie- 7
– Sabine 47053 Hochfeld- 31
Eßer Sandra 47228 Flutweg 51
– Sandra 47239 Franz-Liszt- 73
Esser Sandra 47228 Heidacker 50
– Siegfried 47198 Odenwald- 24
– Sigrid
47249 Großenbaumer Allee 270
Eßer Sigrid
47167 Kaiser-Friedrich- 262
Esser Stefan 47239 Giesenfeld- 66
– Theo 47167 Otto-Hahn- 32
– Theodor 47167 Otto-Hahn- 26
– Thomas 47239 Giesenfeld- 57
– Thomas 47198 Kolonie- 19
– Tim 47179 Kollwitz- 13
– Udo 47259 Spicker- 30
– Ulf 47198 Buchen- 18
– Ulrich 47058 Kiefernweg 18
– Ursula 47226 Lilienfeld- 41
– Ursula 47226 Tillmann- 1
– Ute 47269 Uhlenbroicher Weg 28
– Werner 47179 Kollwitz- 13
Eßer Wilhelm 47226 Lilienfeld- 36
Esser Willi 47167 Lüneburger- 38
– Wilma 47167 Lehrer- 74
Eßer Wolfgang 47055 Erlen- 148
Esser Wolfgang 47053 Hochfeld- 31
– Yvonne 47166 Brentano- 13
Esser-Klingbeil Carola 47053 Bach- 9
Essers Agnes 47055 Im Schlenk 50
– Brigitte 47226 Atroper- 40
Eßers Christa 47169 Barlen- 7
Essers Christoph 47051 Mainz- 59
Eßers Friedhelm 47169 Barlen- 7
Essers Joseph 47055 Im Schlenk 50
Essers Simone 47179 Schiller- 39
– Wolfgang 47179 Schiller- 39
Essert Beate 47239 Nelken- 53
Essig Christa 47239 Wilhelm- 11
– Detlev 47239 Nelken- 53
– Edgar 47057 Gellert- 9
– Karin 47057 Gellert- 9
– Karl 47239 Wilhelm- 11
– Marco 47059 Am Jägerloch 27
– Wilhelm 47059 Am Jägerloch 27
Eßfeld Andreas 47058 Siechenhaus- 32
– Cornelia 47053 Siechenhaus- 3
– Hans 47053 Siechenhaus- 3
– Irmgard 47053 Siechenhaus- 3
– Patricia 47269 Buscher- 39
– Ralf 47269 Buscher- 39
Essich Andrea 47167 Lehrer- 25
– Jens 47259 Albert-Einstein- 25
– Rene 47167 Gerold- 3
Firmen, Gewerbebetriebe usw. nach Namen – siehe gelber Teil
A-DU
